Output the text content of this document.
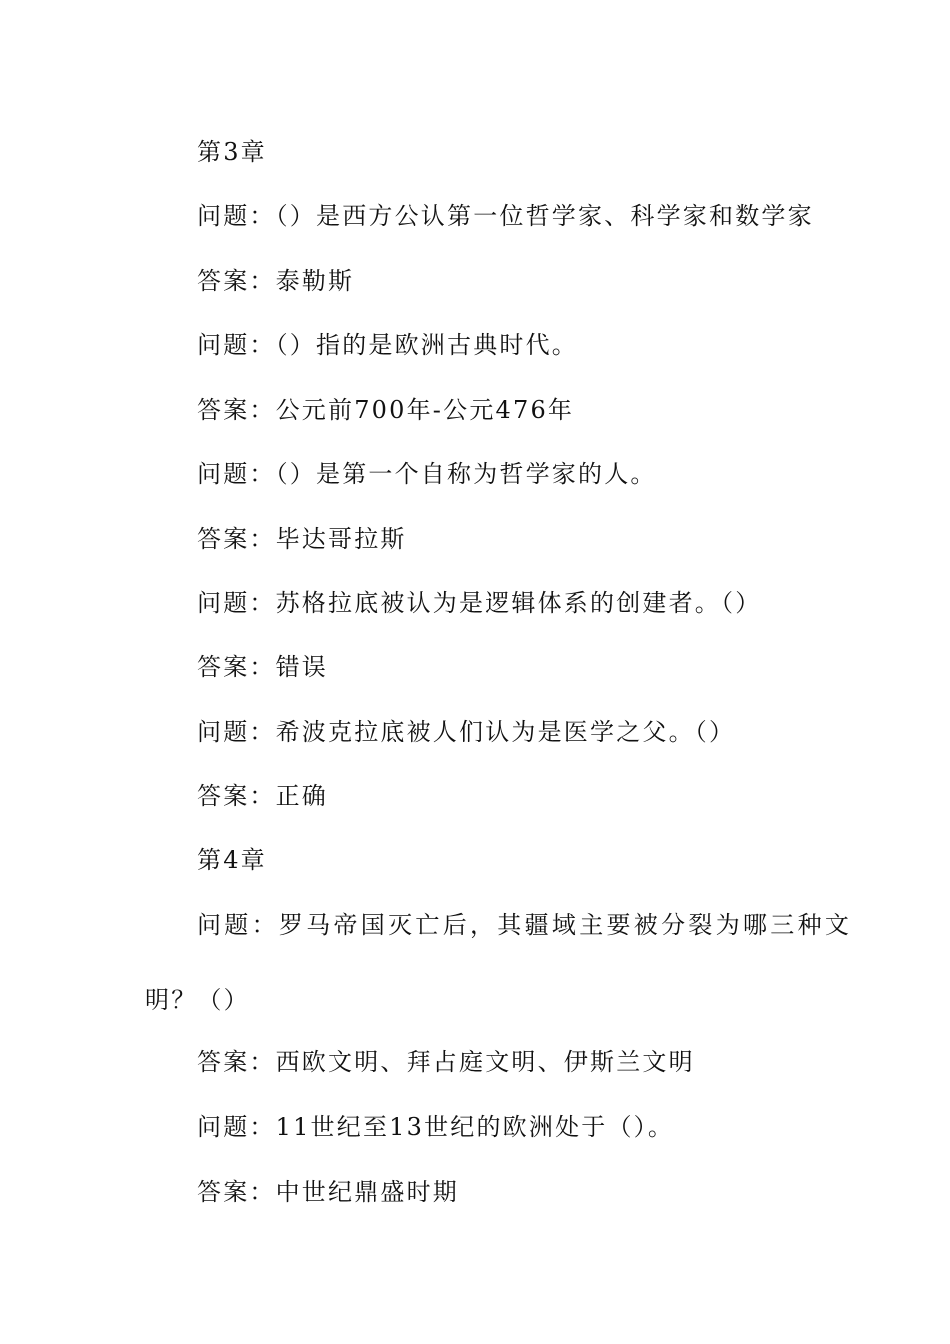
第3章
问题：（）是西方公认第一位哲学家、科学家和数学家
答案：泰勒斯
问题：（）指的是欧洲古典时代。
答案：公元前700年-公元476年
问题：（）是第一个自称为哲学家的人。
答案：毕达哥拉斯
问题：苏格拉底被认为是逻辑体系的创建者。（）
答案：错误
问题：希波克拉底被人们认为是医学之父。（）
答案：正确
第4章
问题：罗马帝国灭亡后，其疆域主要被分裂为哪三种文
明？（）
答案：西欧文明、拜占庭文明、伊斯兰文明
问题：11世纪至13世纪的欧洲处于（）。
答案：中世纪鼎盛时期
